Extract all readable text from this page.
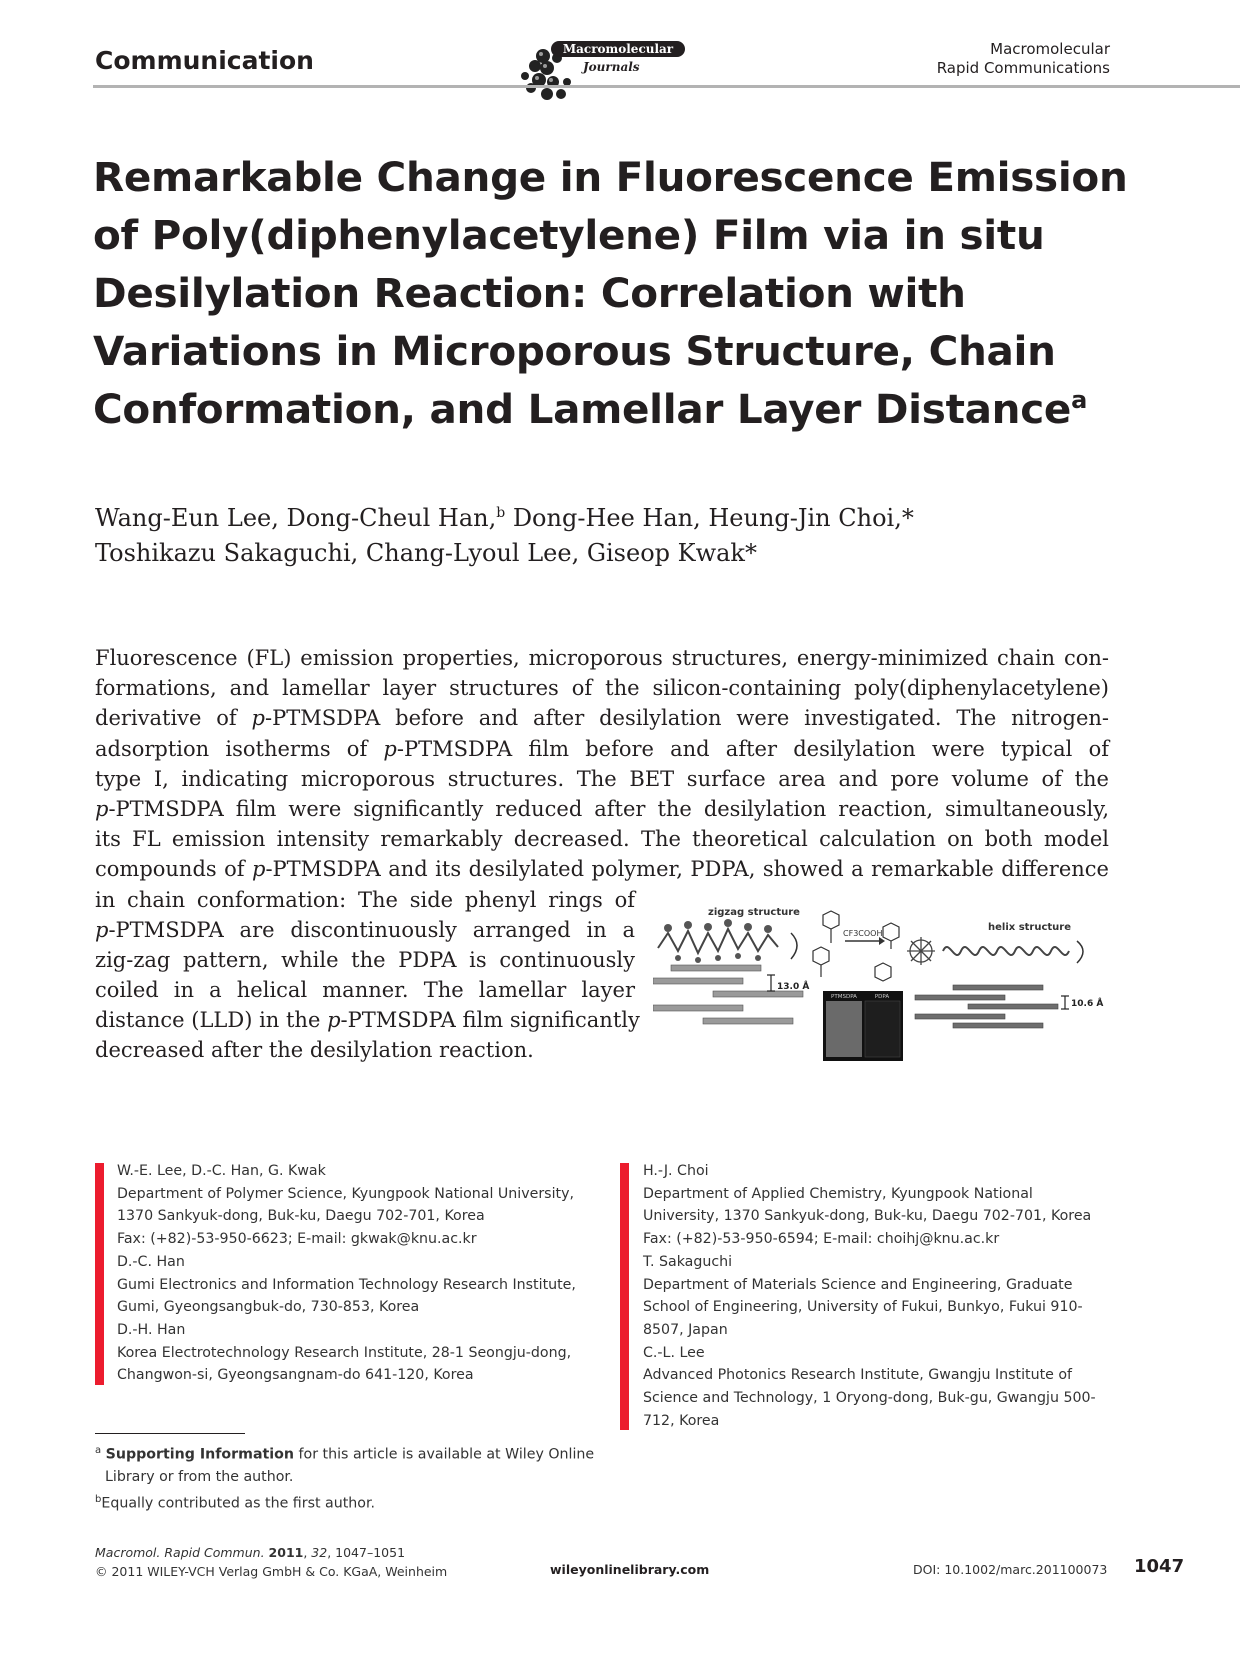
Communication	Macromolecular
Journals
Macromolecular
Rapid Communications
Remarkable Change in Fluorescence Emission
of Poly(diphenylacetylene) Film via in situ
Desilylation Reaction: Correlation with
Variations in Microporous Structure, Chain
Conformation, and Lamellar Layer Distance$^a$
Wang-Eun Lee, Dong-Cheul Han,$^b$ Dong-Hee Han, Heung-Jin Choi,*
Toshikazu Sakaguchi, Chang-Lyoul Lee, Giseop Kwak*
Fluorescence (FL) emission properties, microporous structures, energy-minimized chain con-
formations, and lamellar layer structures of the silicon-containing poly(diphenylacetylene)
derivative of p-PTMSDPA before and after desilylation were investigated. The nitrogen-
adsorption isotherms of p-PTMSDPA film before and after desilylation were typical of
type I, indicating microporous structures. The BET surface area and pore volume of the
p-PTMSDPA film were significantly reduced after the desilylation reaction, simultaneously,
its FL emission intensity remarkably decreased. The theoretical calculation on both model
compounds of p-PTMSDPA and its desilylated polymer, PDPA, showed a remarkable difference
in chain conformation: The side phenyl rings of
p-PTMSDPA are discontinuously arranged in a
zig-zag pattern, while the PDPA is continuously
coiled in a helical manner. The lamellar layer
distance (LLD) in the p-PTMSDPA film significantly
decreased after the desilylation reaction.
zigzag structure
helix structure
CF3COOH
13.0 Å
PTMSDPA	PDPA
10.6 Å
W.-E. Lee, D.-C. Han, G. Kwak
Department of Polymer Science, Kyungpook National University,
1370 Sankyuk-dong, Buk-ku, Daegu 702-701, Korea
Fax: (+82)-53-950-6623; E-mail: gkwak@knu.ac.kr
D.-C. Han
Gumi Electronics and Information Technology Research Institute,
Gumi, Gyeongsangbuk-do, 730-853, Korea
D.-H. Han
Korea Electrotechnology Research Institute, 28-1 Seongju-dong,
Changwon-si, Gyeongsangnam-do 641-120, Korea
H.-J. Choi
Department of Applied Chemistry, Kyungpook National
University, 1370 Sankyuk-dong, Buk-ku, Daegu 702-701, Korea
Fax: (+82)-53-950-6594; E-mail: choihj@knu.ac.kr
T. Sakaguchi
Department of Materials Science and Engineering, Graduate
School of Engineering, University of Fukui, Bunkyo, Fukui 910-
8507, Japan
C.-L. Lee
Advanced Photonics Research Institute, Gwangju Institute of
Science and Technology, 1 Oryong-dong, Buk-gu, Gwangju 500-
712, Korea
$^a$ Supporting Information for this article is available at Wiley Online
Library or from the author.
$^b$Equally contributed as the first author.
Macromol. Rapid Commun. 2011, 32, 1047–1051
© 2011 WILEY-VCH Verlag GmbH & Co. KGaA, Weinheim	wileyonlinelibrary.com	DOI: 10.1002/marc.201100073 1047
